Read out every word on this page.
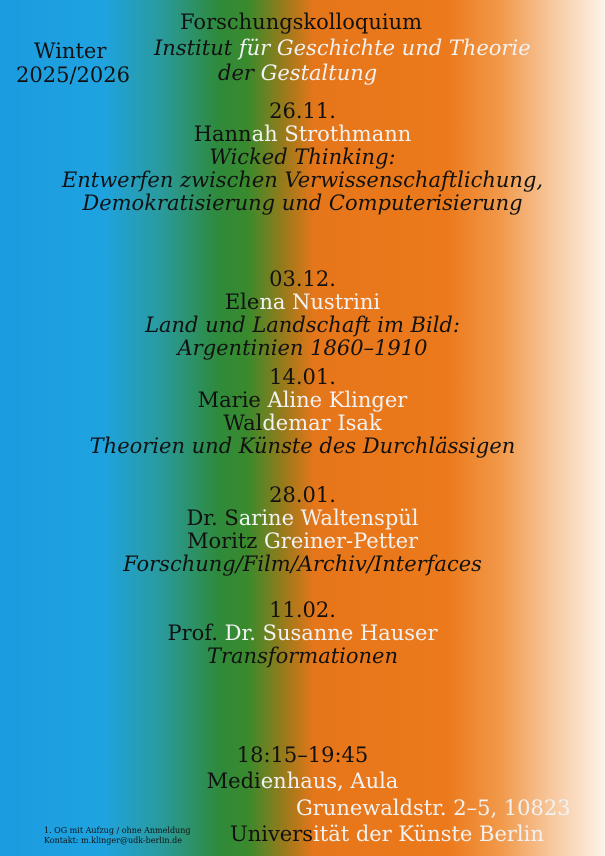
Winter
2025/2026
Forschungskolloquium
Institut für Geschichte und Theorie
der Gestaltung
26.11.
Hannah Strothmann
Wicked Thinking:
Entwerfen zwischen Verwissenschaftlichung,
Demokratisierung und Computerisierung
03.12.
Elena Nustrini
Land und Landschaft im Bild:
Argentinien 1860–1910
14.01.
Marie Aline Klinger
Waldemar Isak
Theorien und Künste des Durchlässigen
28.01.
Dr. Sarine Waltenspül
Moritz Greiner-Petter
Forschung/Film/Archiv/Interfaces
11.02.
Prof. Dr. Susanne Hauser
Transformationen
18:15–19:45
Medienhaus, Aula
Grunewaldstr. 2–5, 10823
Universität der Künste Berlin
1. OG mit Aufzug / ohne Anmeldung
Kontakt: m.klinger@udk-berlin.de
